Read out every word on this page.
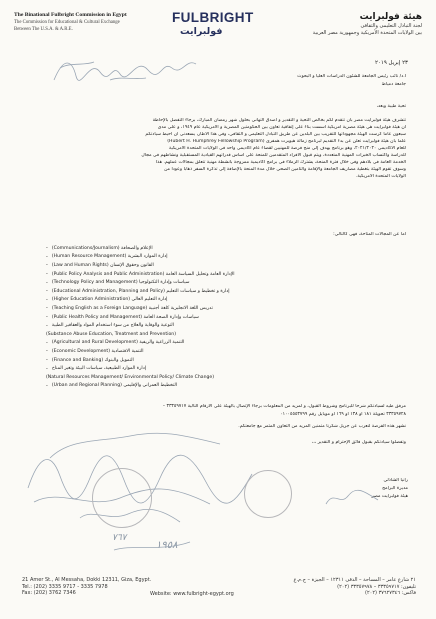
The Binational Fulbright Commission in Egypt
The Commission for Educational & Cultural Exchange
Between The U.S.A. & A.R.E.
FULBRIGHT
فولبرايت
هيئة فولبرايت
لجنة التبادل التعليمى والثقافى
بين الولايات المتحدة الأمريكية وجمهورية مصر العربية
٢٣ إبريل ٢٠١٩
أ.د/ نائب رئيس الجامعة للشئون الدراسات العليا و البحوث
جامعة دمياط
تحية طيبة وبعد،
تتشرف هيئة فولبرايت مصر بأن تتقدم لكم بخالص التحية و التقدير و أصدق التهانى بحلول شهر رمضان المبارك، برجاء التفضل بالإحاطة
أن هيئة فولبرايت هى هيئة مصرية أمريكية أسست بناء على إتفاقية تعاون بين الحكومتين المصرية و الأمريكية عام ١٩٤٩، و على مدى
سبعون عاماً كرست الهيئة مجهوداتها للتقريب بين البلدين عن طريق التبادل التعليمى و الثقافى، وفى هذا الاطار، يسعدنى أن أحيط سيادتكم
علماً بأن هيئة فولبرايت تعلن عن بدء التقديم لبرنامج زمالة هيوبرت همفرى (Hubert H. Humphrey Fellowship Program)
للعام الأكاديمى ٢٠٢١/٢٠٢٠، وهو برنامج يهدف إلى منح فرصة للمهنيين لقضاء عام أكاديمى واحد فى الولايات المتحدة الأمريكية
للدراسة واكتساب الخبرات المهنية المتعددة، ويتم قبول الأفراد المتقدمين للمنحة على أساس قدراتهم القيادية المستقبلية ونشاطهم فى مجال
الخدمة العامة فى بلادهم وفى خلال فترة المنحة، يشترك الزملاء فى برامج أكاديمية ممزوجة بأنشطة مهنية تتعلق بمجالات عملهم. هذا
وسوف تقوم الهيئة بتغطية مصاريف الجامعة والإقامة والتأمين الصحى خلال مدة المنحة بالإضافة إلى تذكرة السفر ذهاباً وعوداً من
الولايات المتحدة الأمريكية.
أما عن المجالات المتاحة، فهى كالتالى:
الإعلام والصحافة (Communications/Journalism)
-
إدارة الموارد البشرية (Human Resource Management)
-
القانون وحقوق الإنسان (Law and Human Rights)
-
الإدارة العامة وتحليل السياسة العامة (Public Policy Analysis and Public Administration)
-
سياسات وإدارة التكنولوجيا (Technology Policy and Management)
-
إدارة و تخطيط و سياسات التعليم (Educational Administration, Planning and Policy)
-
إدارة التعليم العالى (Higher Education Administration)
-
تدريس اللغة الانجليزية كلغة أجنبية (Teaching English as a Foreign Language)
-
سياسات وإدارة الصحة العامة (Public Health Policy and Management)
-
التوعية والوقاية والعلاج من سوء استخدام المواد والعقاقير الطبية
-
(Substance Abuse Education, Treatment and Prevention)
التنمية الزراعية والريفية (Agricultural and Rural Development)
-
التنمية الاقتصادية (Economic Development)
-
التمويل والبنوك (Finance and Banking)
-
إدارة الموارد الطبيعية، سياسات البيئة وتغير المناخ
-
(Natural Resources Management/ Environmental Policy/ Climate Change)
التخطيط العمرانى والإقليمى (Urban and Regional Planning)
-
مرفق طيه لسيادتكم شرحاً للبرنامج وشروط القبول، و لمزيد من المعلومات برجاء الإتصال بالهيئة على الأرقام التالية ٣٣٣٥٩٧١٧ –
٣٣٣٥٩٧٢٨ تحويلة ١٨١ أو ١٣٨ أو ١٦٩ أو موبايل رقم ٠١٠٠٥٥٥٣٧٩٩
نشهز هذه الفرصة لنعرب عن جزيل شكرنا متمنين المزيد من التعاون المثمر مع جامعتكم.
وتفضلوا سيادتكم بقبول فائق الإحترام و التقدير ،،،
رانيا الشاذلى
مديرة البرامج
هيئة فولبرايت مصر
٧٦٧
١٩٥٨
21 Amer St., Al Messaha, Dokki 12311, Giza, Egypt.
Tel.: (202) 3335 9717 - 3335 7978
Fax: (202) 3762 7346	Website: www.fulbright-egypt.org
٢١ شارع عامر – المساحة – الدقى ١٢٣١١ – الجيزة – ج.م.ع
تليفون: ٣٣٣٥٩٧١٧ – ٣٣٣٥٧٩٧٨ (٢٠٢)
فاكس: ٣٧٦٢٧٣٤٦ (٢٠٢)
